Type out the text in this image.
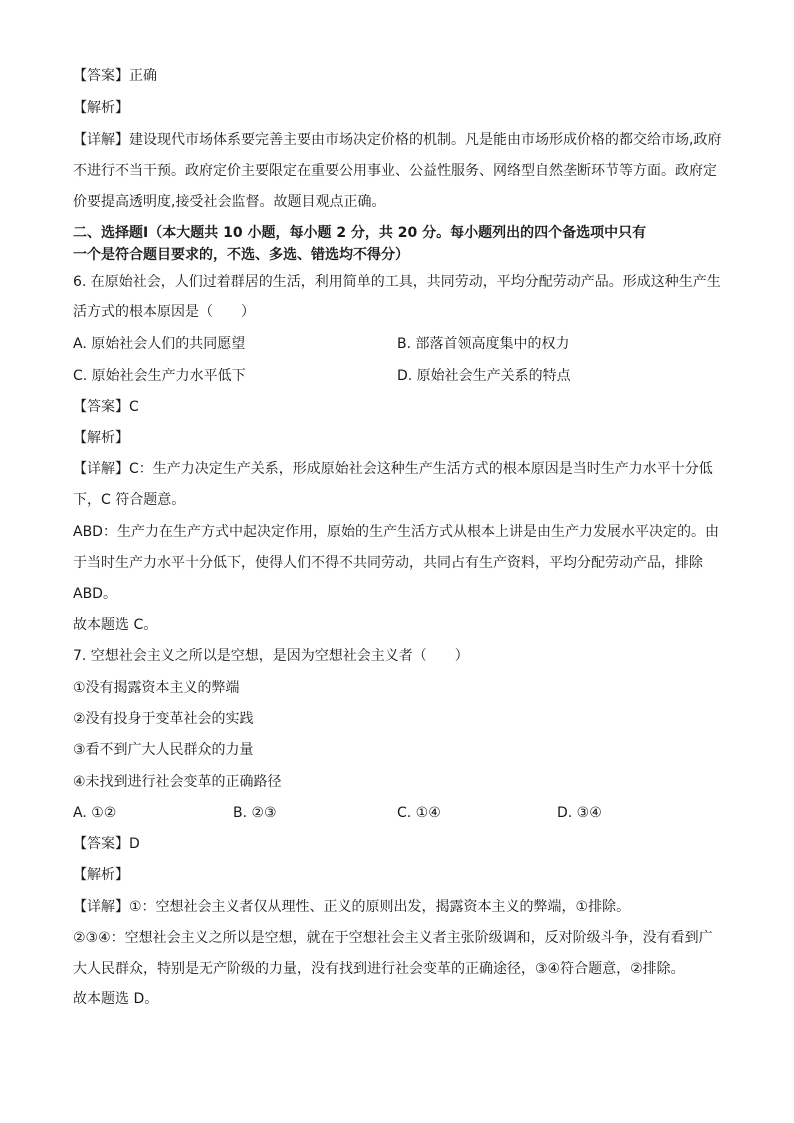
【答案】正确
【解析】
【详解】建设现代市场体系要完善主要由市场决定价格的机制。凡是能由市场形成价格的都交给市场,政府
不进行不当干预。政府定价主要限定在重要公用事业、公益性服务、网络型自然垄断环节等方面。政府定
价要提高透明度,接受社会监督。故题目观点正确。
二、选择题Ⅰ（本大题共 10 小题，每小题 2 分，共 20 分。每小题列出的四个备选项中只有
一个是符合题目要求的，不选、多选、错选均不得分）
6. 在原始社会，人们过着群居的生活，利用简单的工具，共同劳动，平均分配劳动产品。形成这种生产生
活方式的根本原因是（　　）
A. 原始社会人们的共同愿望	B. 部落首领高度集中的权力
C. 原始社会生产力水平低下	D. 原始社会生产关系的特点
【答案】C
【解析】
【详解】C：生产力决定生产关系，形成原始社会这种生产生活方式的根本原因是当时生产力水平十分低
下，C 符合题意。
ABD：生产力在生产方式中起决定作用，原始的生产生活方式从根本上讲是由生产力发展水平决定的。由
于当时生产力水平十分低下，使得人们不得不共同劳动，共同占有生产资料，平均分配劳动产品，排除
ABD。
故本题选 C。
7. 空想社会主义之所以是空想，是因为空想社会主义者（　　）
①没有揭露资本主义的弊端
②没有投身于变革社会的实践
③看不到广大人民群众的力量
④未找到进行社会变革的正确路径
A. ①②	B. ②③	C. ①④	D. ③④
【答案】D
【解析】
【详解】①：空想社会主义者仅从理性、正义的原则出发，揭露资本主义的弊端，①排除。
②③④：空想社会主义之所以是空想，就在于空想社会主义者主张阶级调和，反对阶级斗争，没有看到广
大人民群众，特别是无产阶级的力量，没有找到进行社会变革的正确途径，③④符合题意，②排除。
故本题选 D。
